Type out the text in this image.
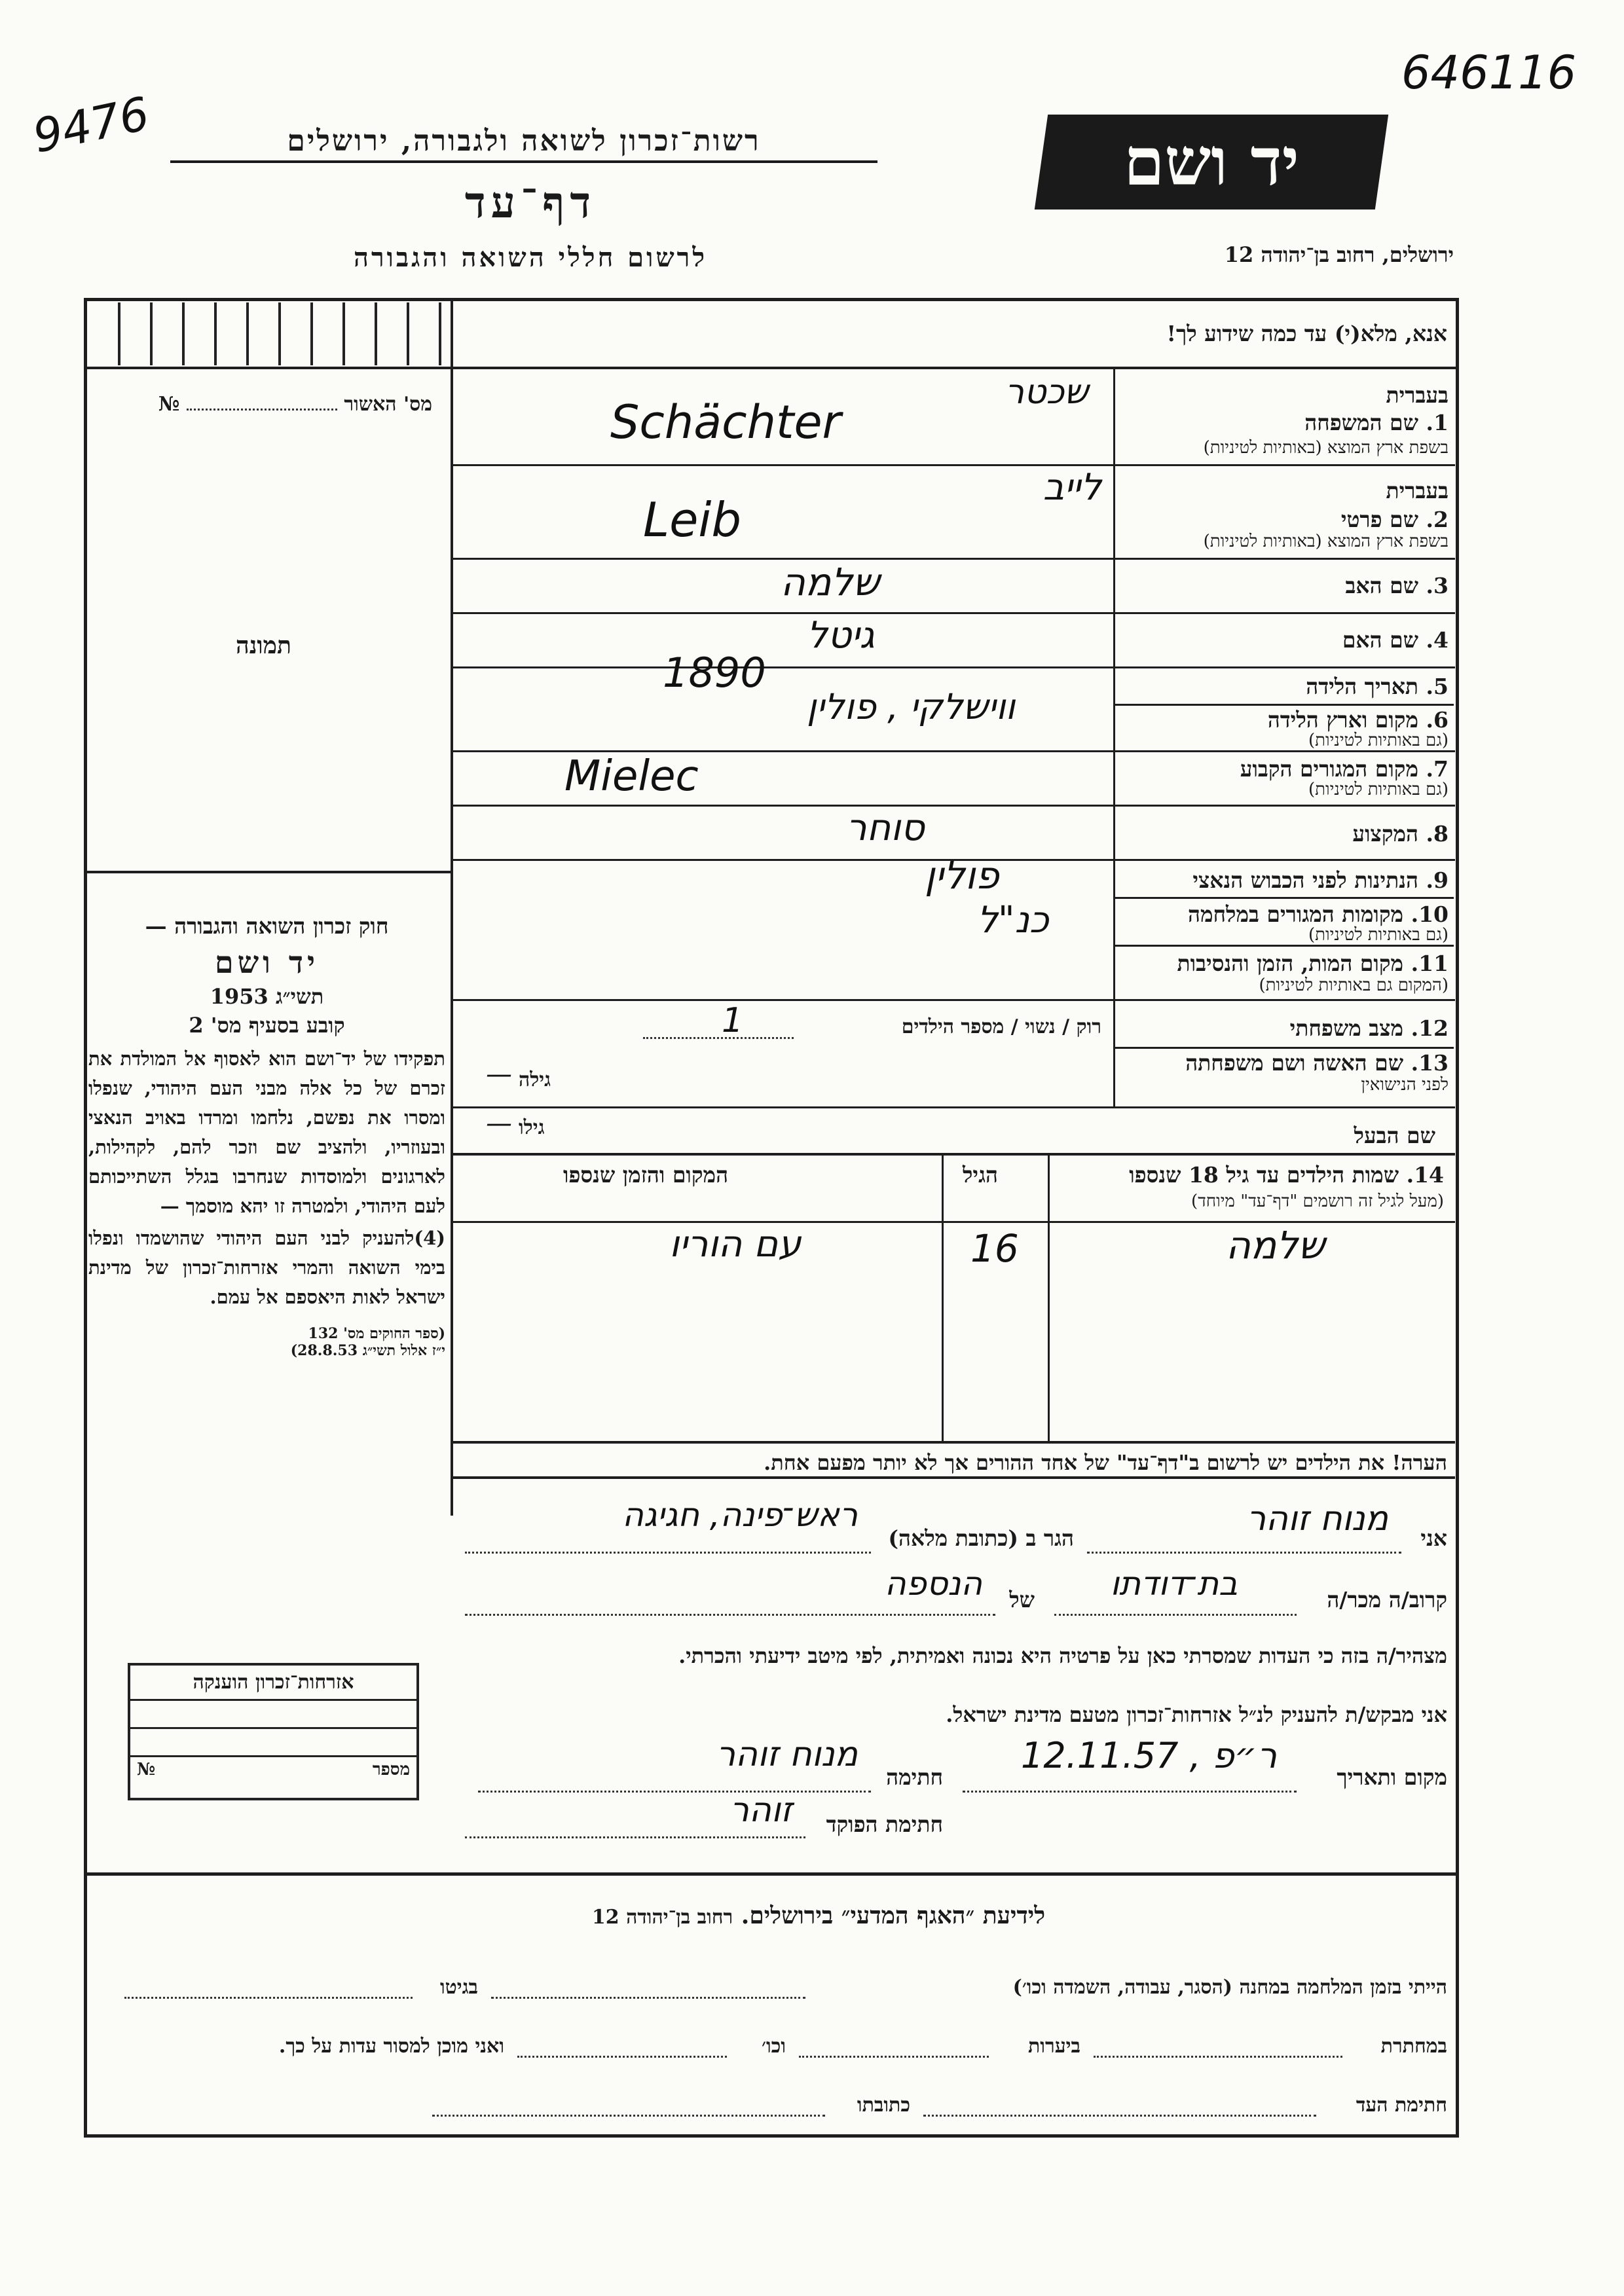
9476
646116
יד ושם
רשות־זכרון לשואה ולגבורה, ירושלים
דף־עד
לרשום חללי השואה והגבורה	ירושלים, רחוב בן־יהודה 12
מס' האשור  №
תמונה
חוק זכרון השואה והגבורה —
יד ושם
תשי״ג 1953
קובע בסעיף מס' 2
תפקידו של יד־ושם הוא לאסוף אל המולדת את זכרם של כל אלה מבני העם היהודי, שנפלו ומסרו את נפשם, נלחמו ומרדו באויב הנאצי ובעוזריו, ולהציב שם וזכר להם, לקהילות, לארגונים ולמוסדות שנחרבו בגלל השתייכותם לעם היהודי, ולמטרה זו יהא מוסמך —
(4)להעניק לבני העם היהודי שהושמדו ונפלו בימי השואה והמרי אזרחות־זכרון של מדינת ישראל לאות היאספם אל עמם.
(ספר החוקים מס' 132
י״ז אלול תשי״ג 28.8.53)
אנא, מלא(י) עד כמה שידוע לך!
בעברית
1. שם המשפחה
בשפת ארץ המוצא (באותיות לטיניות)
שכטר
Schächter
בעברית
2. שם פרטי
בשפת ארץ המוצא (באותיות לטיניות)
לייב
Leib
3. שם האב
שלמה
4. שם האם
גיטל
5. תאריך הלידה
1890
6. מקום וארץ הלידה
(גם באותיות לטיניות)
ווישלקי , פולין
7. מקום המגורים הקבוע
(גם באותיות לטיניות)
Mielec
8. המקצוע
סוחר
9. הנתינות לפני הכבוש הנאצי
פולין
10. מקומות המגורים במלחמה
(גם באותיות לטיניות)
כנ"ל
11. מקום המות, הזמן והנסיבות
(המקום גם באותיות לטיניות)
12. מצב משפחתי
רוק / נשוי / מספר הילדים
1
13. שם האשה ושם משפחתה
לפני הנישואין
גילה
—
שם הבעל
גילו
—
14. שמות הילדים עד גיל 18 שנספו
(מעל לגיל זה רושמים "דף־עד" מיוחד)
הגיל
המקום והזמן שנספו
שלמה
16
עם הוריו
הערה! את הילדים יש לרשום ב"דף־עד" של אחד ההורים אך לא יותר מפעם אחת.
אני
מנוח זוהר
הגר ב (כתובת מלאה)
ראש־פינה, חגיגה
קרוב/ה מכר/ה
בת־דודתו
של
הנספה
מצהיר/ה בזה כי העדות שמסרתי כאן על פרטיה היא נכונה ואמיתית, לפי מיטב ידיעתי והכרתי.
אני מבקש/ת להעניק לנ״ל אזרחות־זכרון מטעם מדינת ישראל.
מקום ותאריך
ר״פ , 12.11.57
חתימה
מנוח זוהר
חתימת הפוקד
זוהר
אזרחות־זכרון הוענקה
מספר
№
לידיעת ״האגף המדעי״ בירושלים. רחוב בן־יהודה 12
הייתי בזמן המלחמה במחנה (הסגר, עבודה, השמדה וכו׳)
בגיטו
במחתרת
ביערות
וכו׳
ואני מוכן למסור עדות על כך.
חתימת העד
כתובתו
